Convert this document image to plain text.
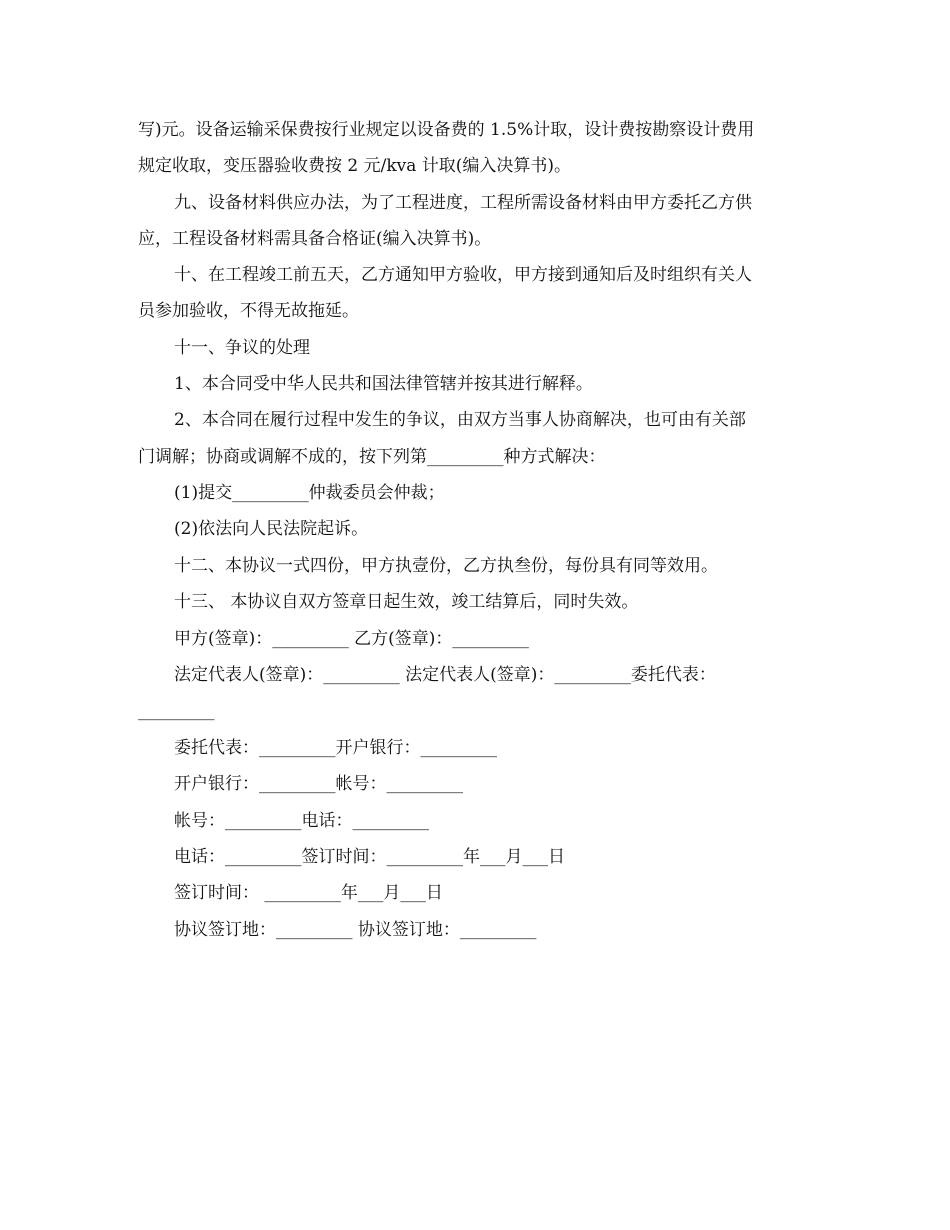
写)元。设备运输采保费按行业规定以设备费的 1.5%计取，设计费按勘察设计费用
规定收取，变压器验收费按 2 元/kva 计取(编入决算书)。
九、设备材料供应办法，为了工程进度，工程所需设备材料由甲方委托乙方供
应，工程设备材料需具备合格证(编入决算书)。
十、在工程竣工前五天，乙方通知甲方验收，甲方接到通知后及时组织有关人
员参加验收，不得无故拖延。
十一、争议的处理
1、本合同受中华人民共和国法律管辖并按其进行解释。
2、本合同在履行过程中发生的争议，由双方当事人协商解决，也可由有关部
门调解；协商或调解不成的，按下列第_________种方式解决：
(1)提交_________仲裁委员会仲裁；
(2)依法向人民法院起诉。
十二、本协议一式四份，甲方执壹份，乙方执叁份，每份具有同等效用。
十三、 本协议自双方签章日起生效，竣工结算后，同时失效。
甲方(签章)：_________ 乙方(签章)：_________
法定代表人(签章)：_________ 法定代表人(签章)：_________委托代表：
_________
委托代表：_________开户银行：_________
开户银行：_________帐号：_________
帐号：_________电话：_________
电话：_________签订时间：_________年___月___日
签订时间： _________年___月___日
协议签订地：_________ 协议签订地：_________
